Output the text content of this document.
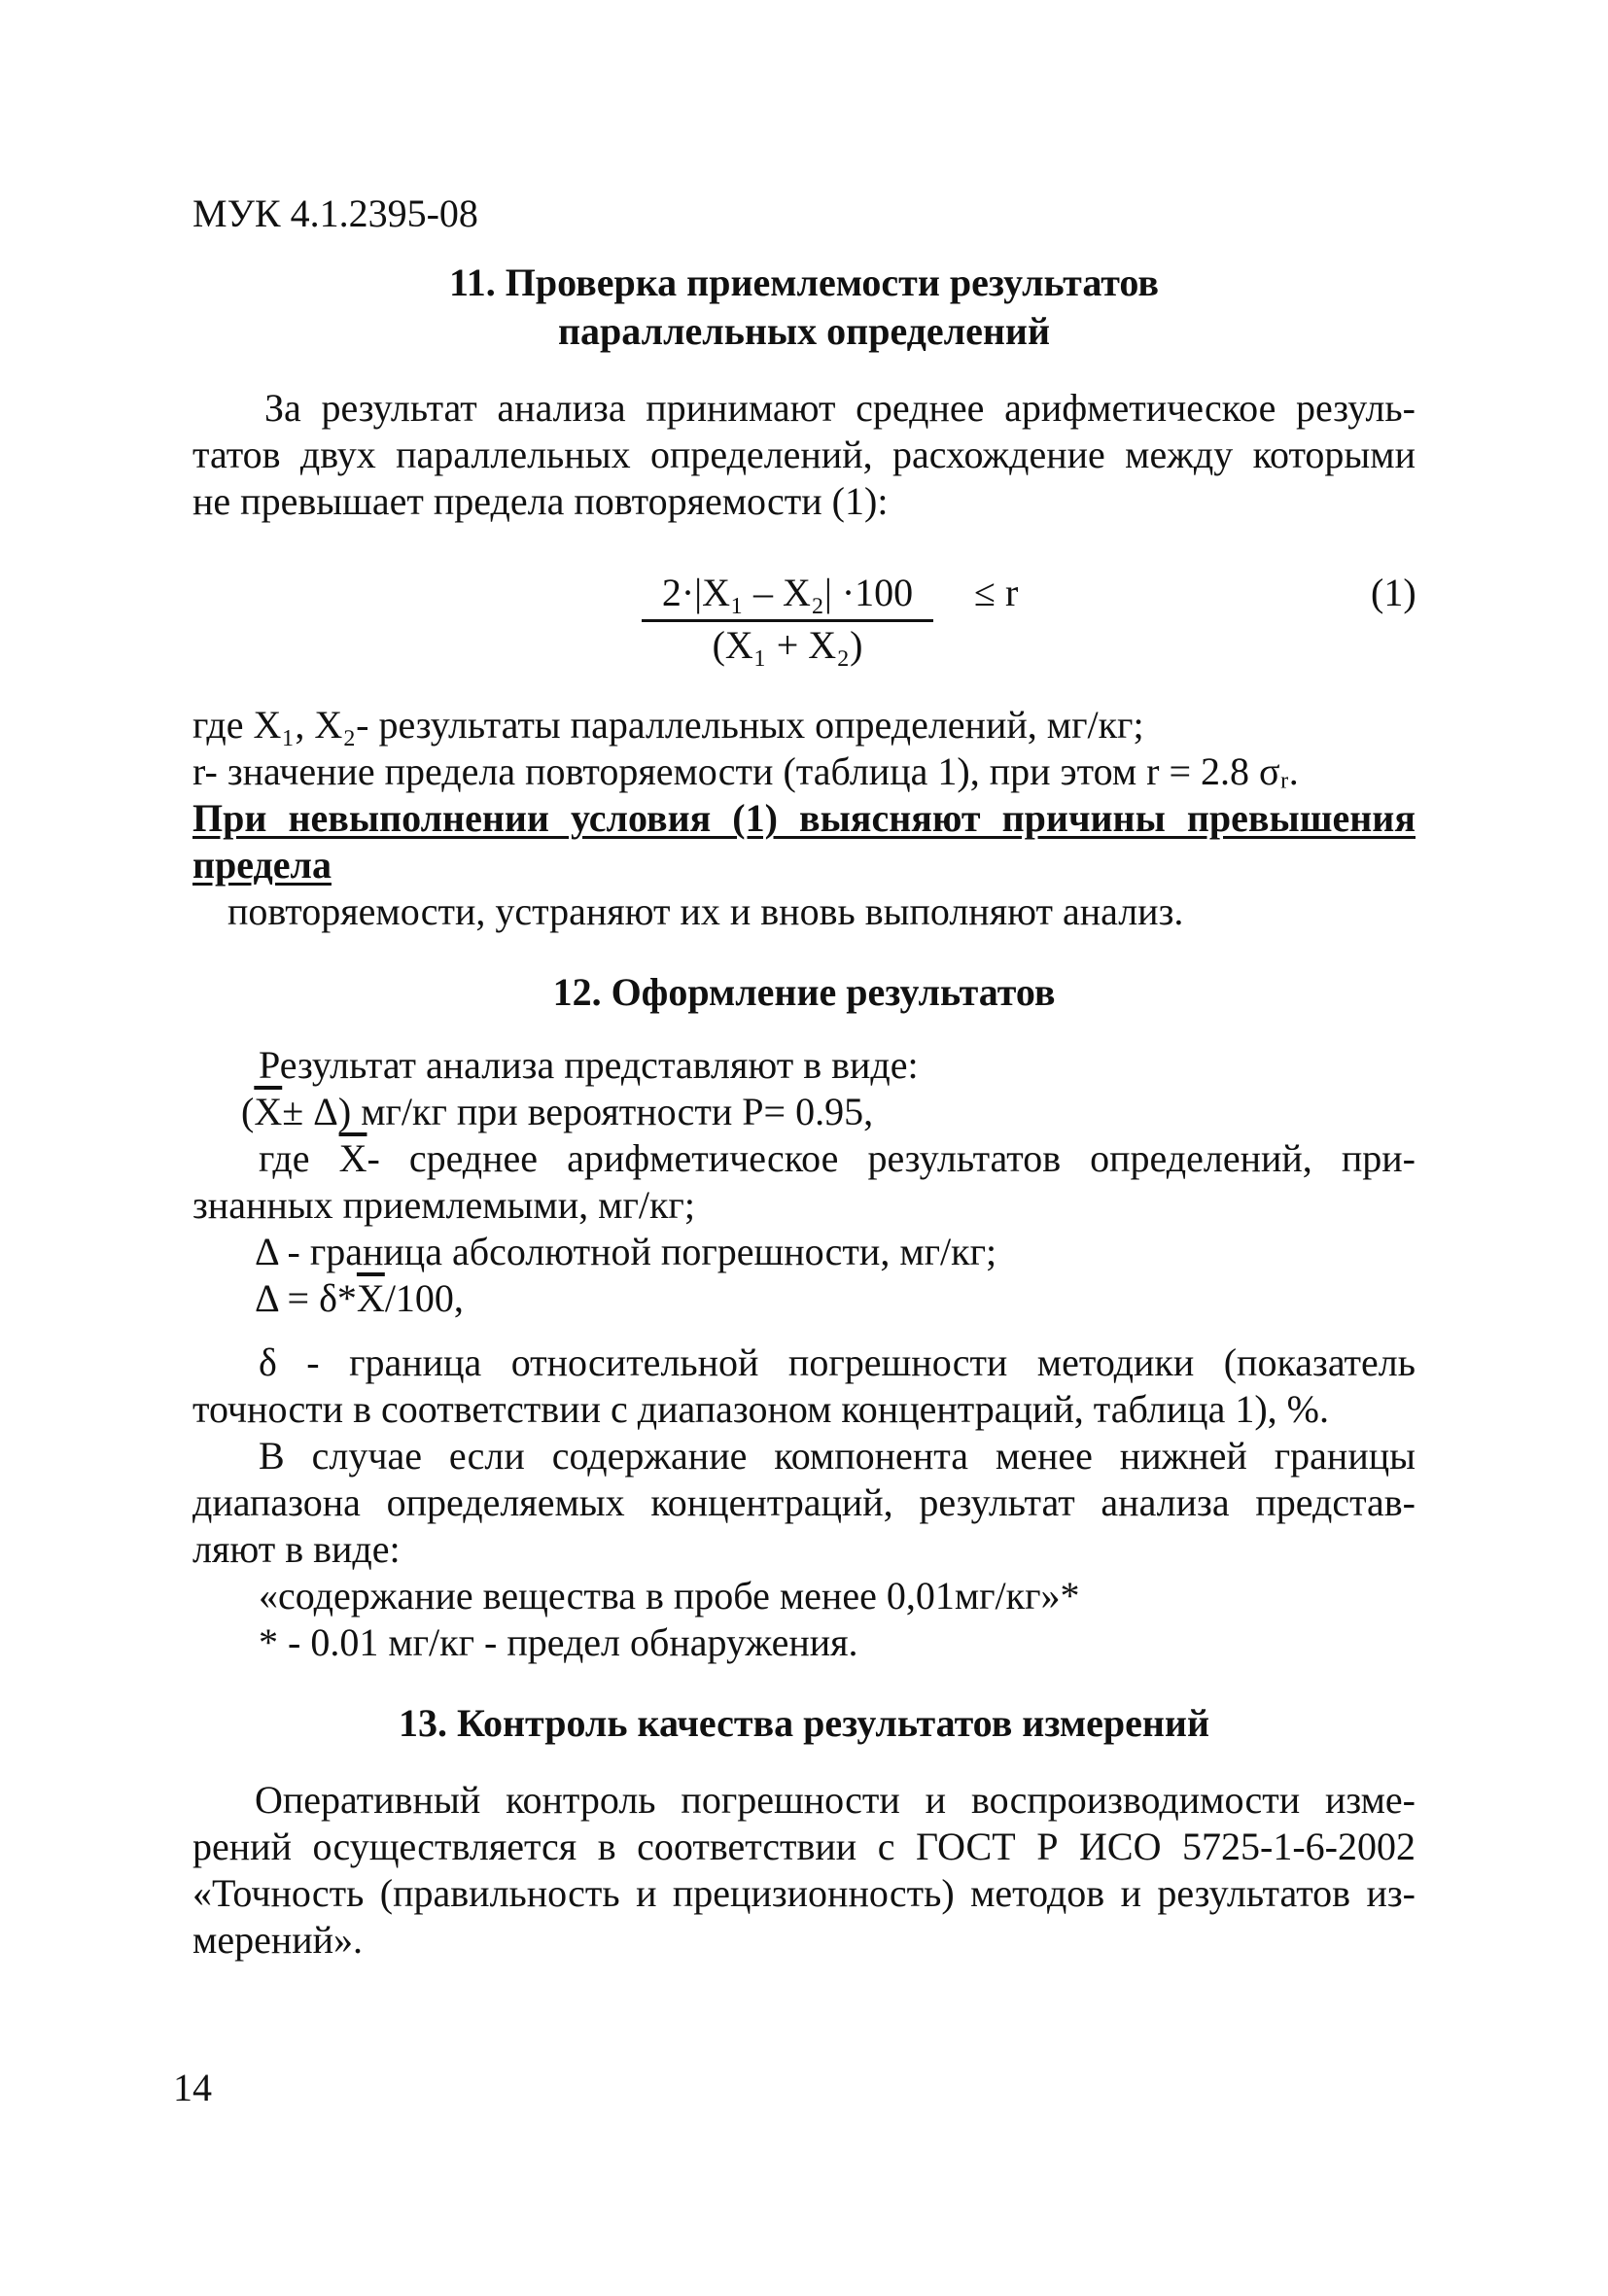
МУК 4.1.2395-08
11. Проверка приемлемости результатов
параллельных определений
За результат анализа принимают среднее арифметическое резуль-
татов двух параллельных определений, расхождение между которыми
не превышает предела повторяемости (1):
2·|X₁ – X₂| ·100
(X₁ + X₂)
≤ r	(1)
где X₁, X₂- результаты параллельных определений, мг/кг;
r- значение предела повторяемости (таблица 1), при этом r = 2.8 σᵣ.
При невыполнении условия (1) выясняют причины превышения
предела
повторяемости, устраняют их и вновь выполняют анализ.
12. Оформление результатов
Результат анализа представляют в виде:
$(\overline{X}\pm \Delta)$ мг/кг при вероятности Р= 0.95,
где $\overline{X}-$ среднее арифметическое результатов определений, при-
знанных приемлемыми, мг/кг;
Δ - граница абсолютной погрешности, мг/кг;
$\Delta = \delta*\overline{X}/100$,
δ - граница относительной погрешности методики (показатель
точности в соответствии с диапазоном концентраций, таблица 1), %.
В случае если содержание компонента менее нижней границы
диапазона определяемых концентраций, результат анализа представ-
ляют в виде:
«содержание вещества в пробе менее 0,01мг/кг»*
* - 0.01 мг/кг - предел обнаружения.
13. Контроль качества результатов измерений
Оперативный контроль погрешности и воспроизводимости изме-
рений осуществляется в соответствии с ГОСТ Р ИСО 5725-1-6-2002
«Точность (правильность и прецизионность) методов и результатов из-
мерений».
14
